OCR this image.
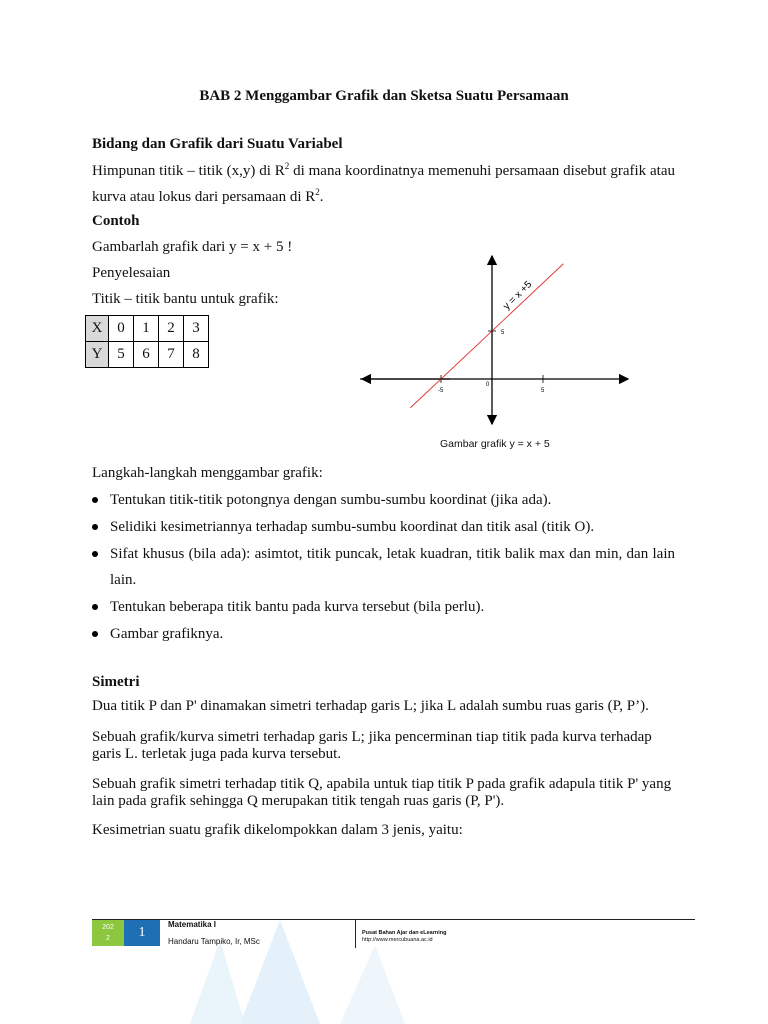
BAB 2 Menggambar Grafik dan Sketsa Suatu Persamaan
Bidang dan Grafik dari Suatu Variabel
Himpunan titik – titik (x,y) di $R^2$ di mana koordinatnya memenuhi persamaan disebut grafik atau kurva atau lokus dari persamaan di $R^2$.
Contoh
Gambarlah grafik dari y = x + 5 !
Penyelesaian
Titik – titik bantu untuk grafik:
X	0	1	2	3
Y	5	6	7	8
-5	5
0
5
y = x +5
Gambar grafik y = x + 5
Langkah-langkah menggambar grafik:
Tentukan titik-titik potongnya dengan sumbu-sumbu koordinat (jika ada).
Selidiki kesimetriannya terhadap sumbu-sumbu koordinat dan titik asal (titik O).
Sifat khusus (bila ada): asimtot, titik puncak, letak kuadran, titik balik max dan min, dan lain lain.
Tentukan beberapa titik bantu pada kurva tersebut (bila perlu).
Gambar grafiknya.
Simetri
Dua titik P dan P' dinamakan simetri terhadap garis L; jika L adalah sumbu ruas garis (P, P’).
Sebuah grafik/kurva simetri terhadap garis L; jika pencerminan tiap titik pada kurva terhadap garis L. terletak juga pada kurva tersebut.
Sebuah grafik simetri terhadap titik Q, apabila untuk tiap titik P pada grafik adapula titik P' yang lain pada grafik sehingga Q merupakan titik tengah ruas garis (P, P').
Kesimetrian suatu grafik dikelompokkan dalam 3 jenis, yaitu:
202
2	1
Matematika I
Handaru Tampiko, Ir, MSc
Pusat Bahan Ajar dan eLearning
http://www.mercubuana.ac.id
